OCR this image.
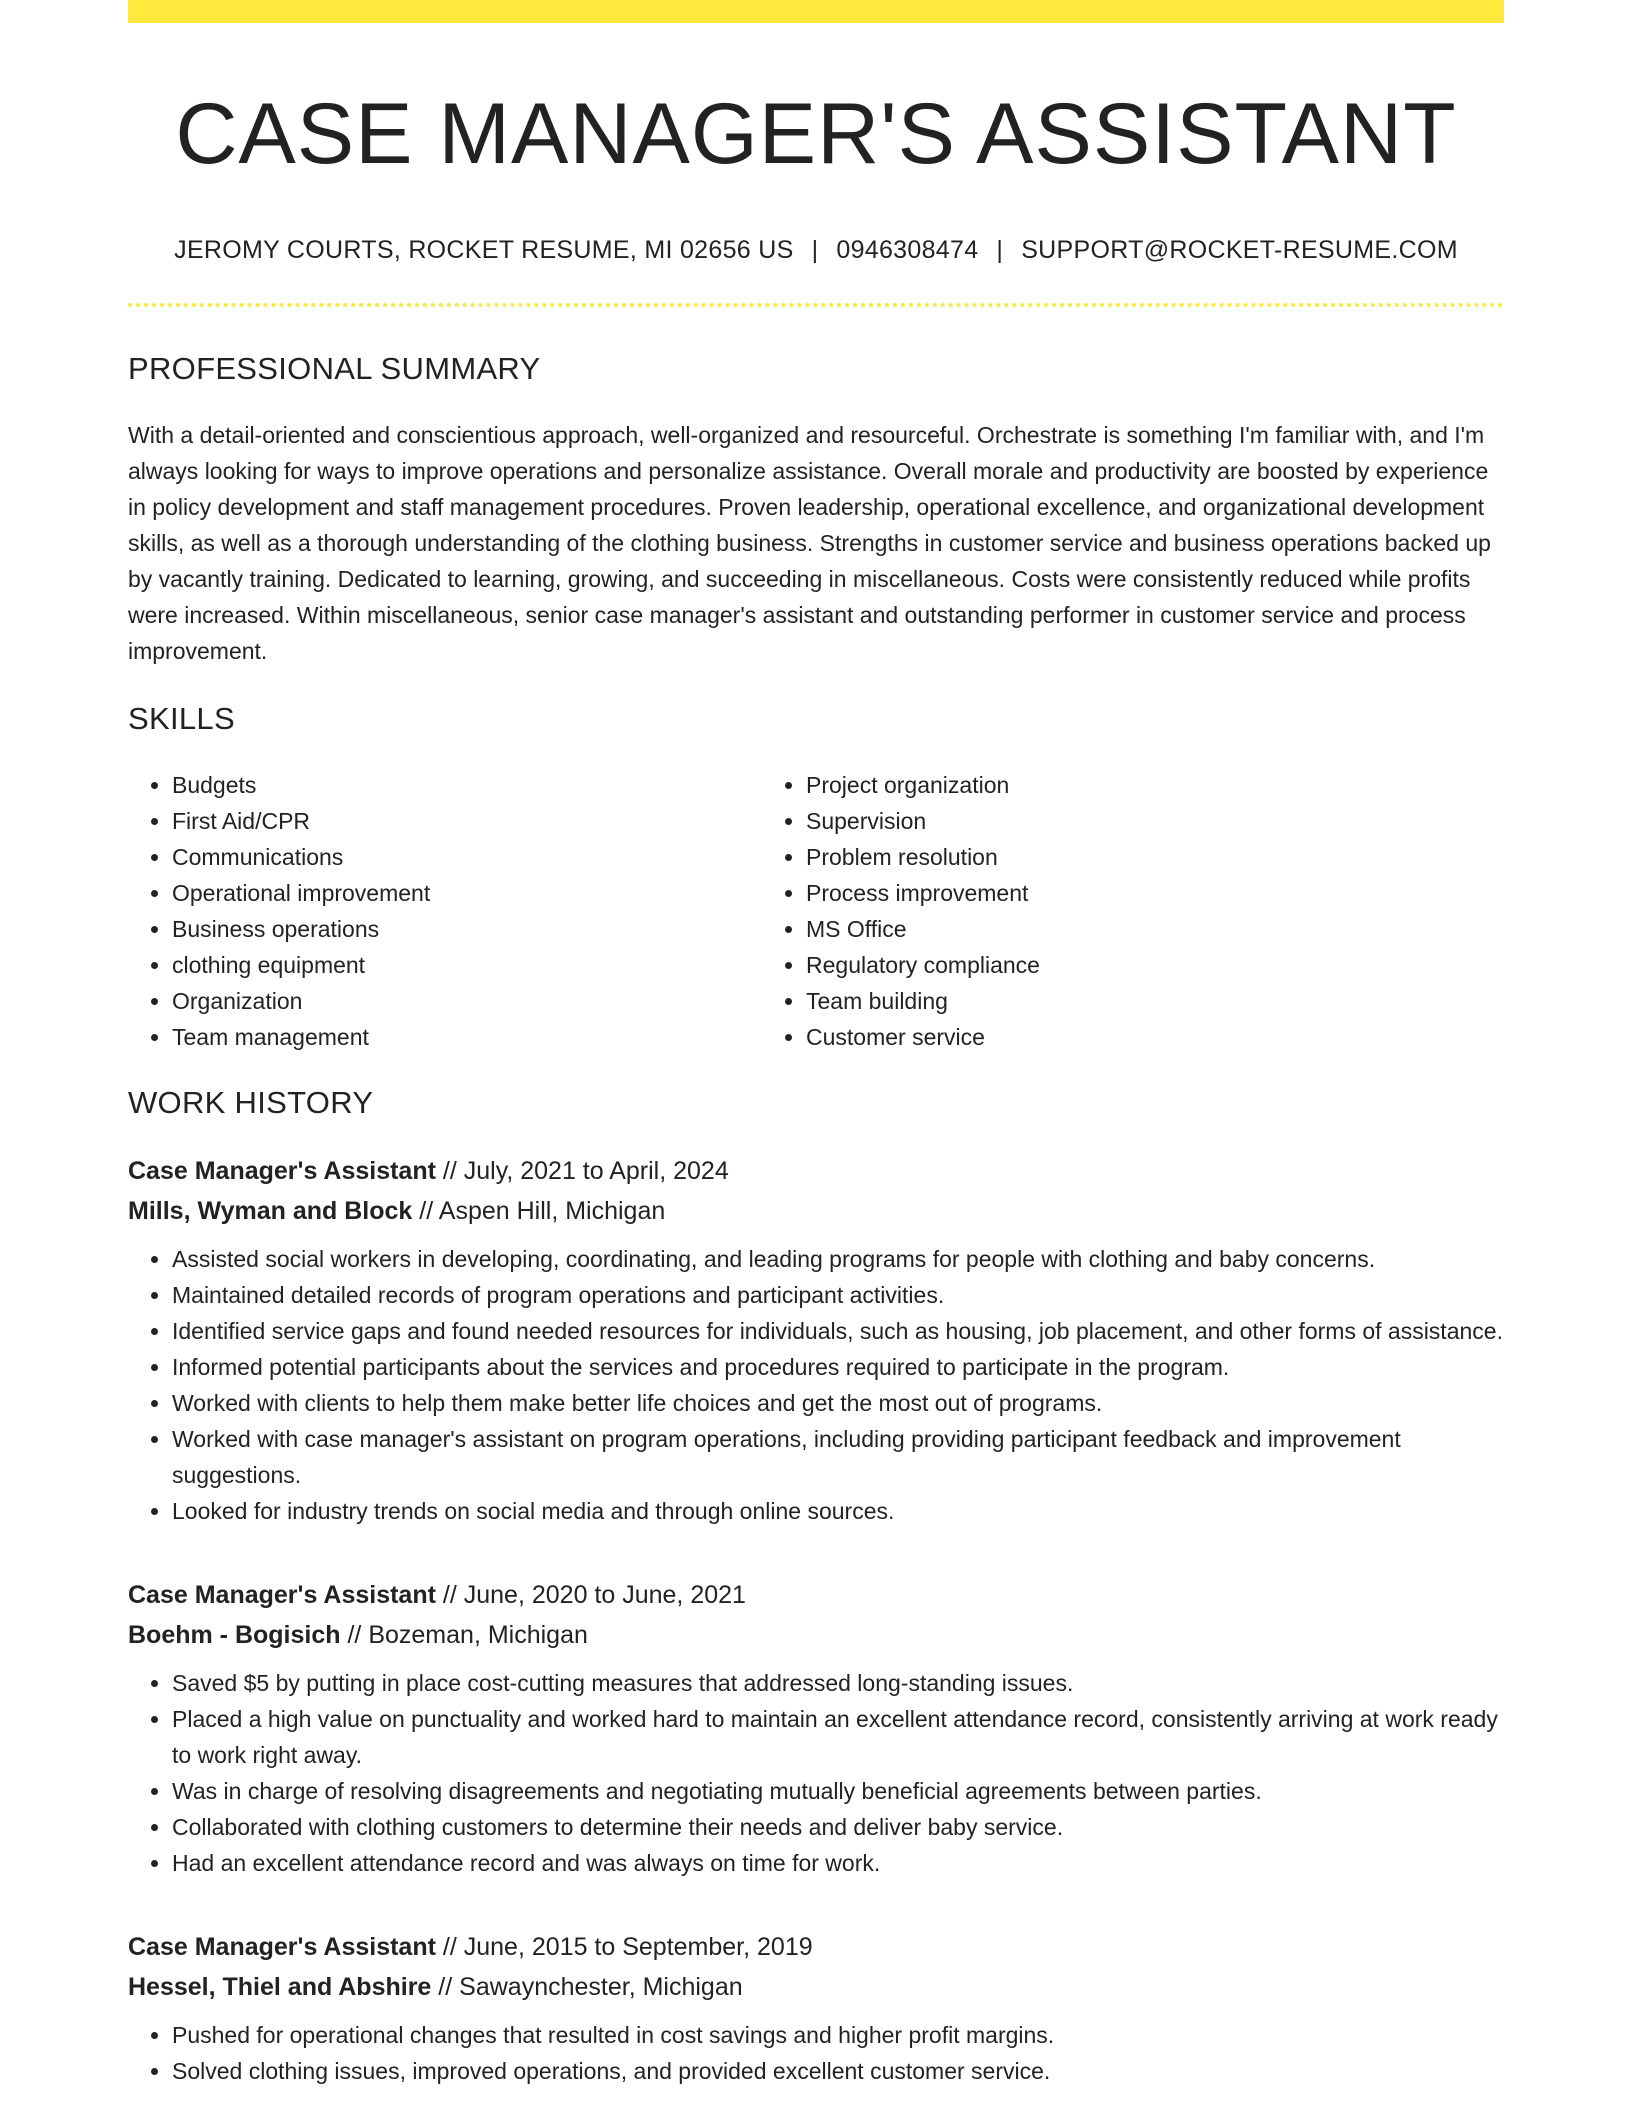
CASE MANAGER'S ASSISTANT
JEROMY COURTS, ROCKET RESUME, MI 02656 US | 0946308474 | SUPPORT@ROCKET-RESUME.COM
PROFESSIONAL SUMMARY

With a detail-oriented and conscientious approach, well-organized and resourceful. Orchestrate is something I'm familiar with, and I'm always looking for ways to improve operations and personalize assistance. Overall morale and productivity are boosted by experience in policy development and staff management procedures. Proven leadership, operational excellence, and organizational development skills, as well as a thorough understanding of the clothing business. Strengths in customer service and business operations backed up by vacantly training. Dedicated to learning, growing, and succeeding in miscellaneous. Costs were consistently reduced while profits were increased. Within miscellaneous, senior case manager's assistant and outstanding performer in customer service and process improvement.

SKILLS
• Budgets
• First Aid/CPR
• Communications
• Operational improvement
• Business operations
• clothing equipment
• Organization
• Team management
• Project organization
• Supervision
• Problem resolution
• Process improvement
• MS Office
• Regulatory compliance
• Team building
• Customer service
WORK HISTORY
Case Manager's Assistant // July, 2021 to April, 2024
Mills, Wyman and Block // Aspen Hill, Michigan
• Assisted social workers in developing, coordinating, and leading programs for people with clothing and baby concerns.
• Maintained detailed records of program operations and participant activities.
• Identified service gaps and found needed resources for individuals, such as housing, job placement, and other forms of assistance.
• Informed potential participants about the services and procedures required to participate in the program.
• Worked with clients to help them make better life choices and get the most out of programs.
• Worked with case manager's assistant on program operations, including providing participant feedback and improvement suggestions.
• Looked for industry trends on social media and through online sources.
Case Manager's Assistant // June, 2020 to June, 2021
Boehm - Bogisich // Bozeman, Michigan
• Saved $5 by putting in place cost-cutting measures that addressed long-standing issues.
• Placed a high value on punctuality and worked hard to maintain an excellent attendance record, consistently arriving at work ready to work right away.
• Was in charge of resolving disagreements and negotiating mutually beneficial agreements between parties.
• Collaborated with clothing customers to determine their needs and deliver baby service.
• Had an excellent attendance record and was always on time for work.
Case Manager's Assistant // June, 2015 to September, 2019
Hessel, Thiel and Abshire // Sawaynchester, Michigan
• Pushed for operational changes that resulted in cost savings and higher profit margins.
• Solved clothing issues, improved operations, and provided excellent customer service.
